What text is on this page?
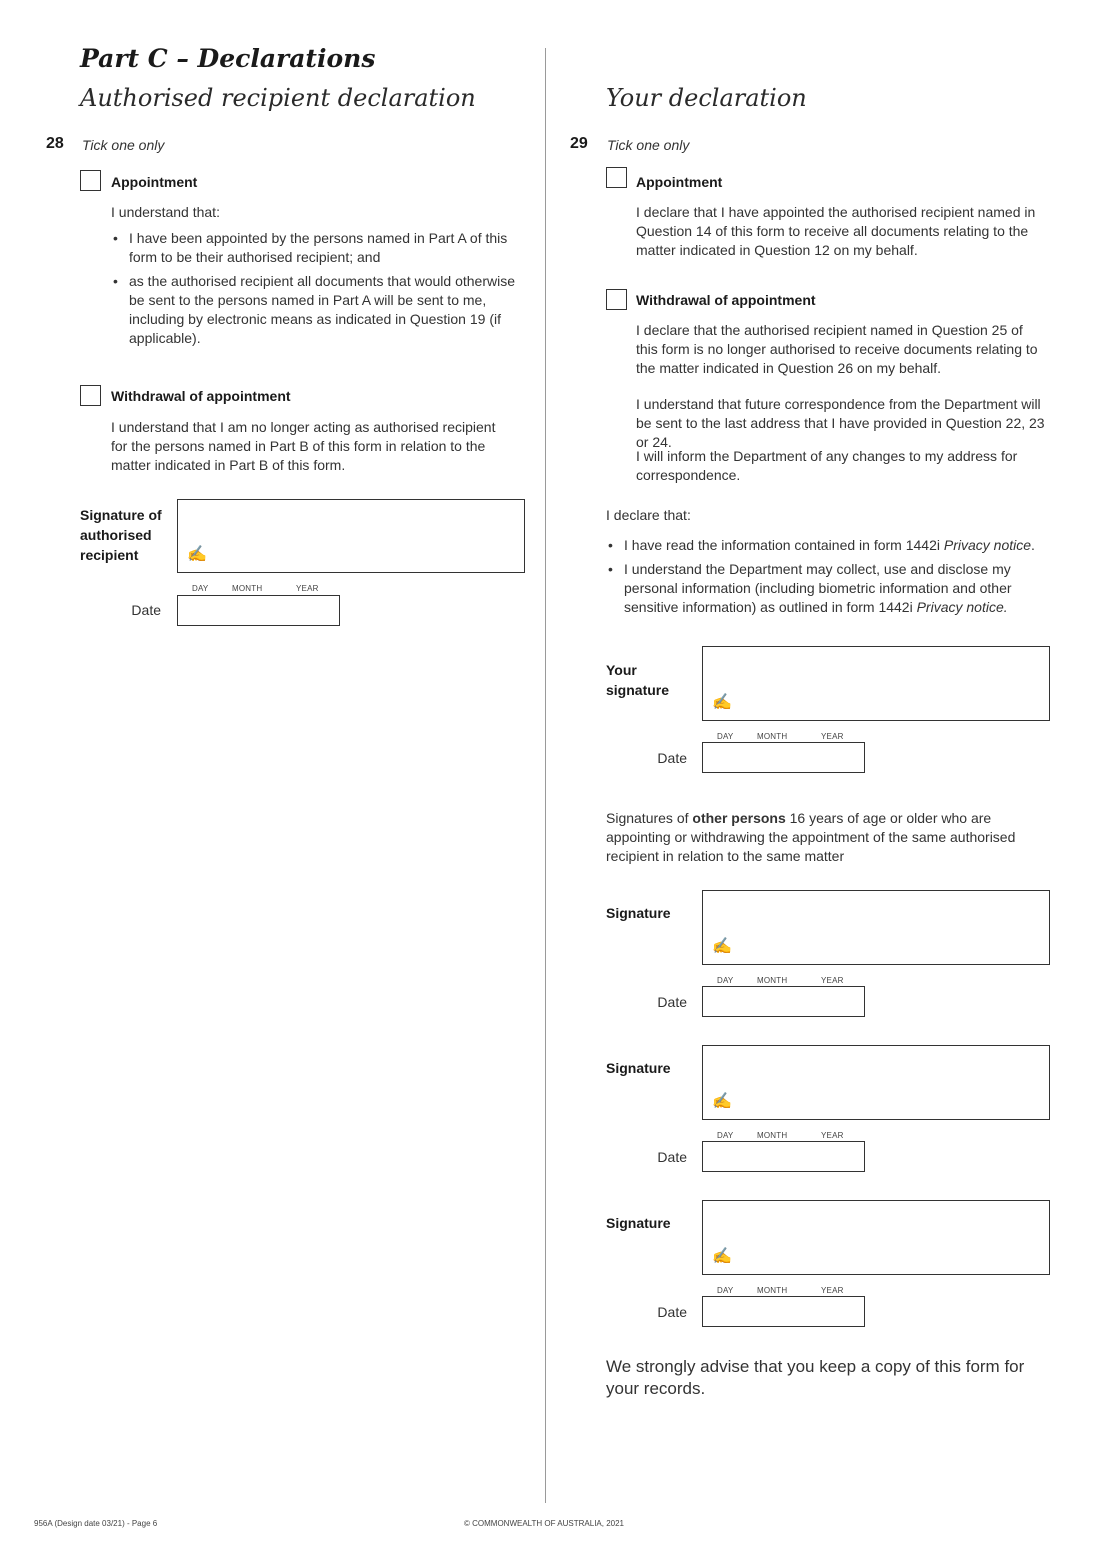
Part C – Declarations
Authorised recipient declaration	Your declaration
28 Tick one only
Appointment
I understand that:
• I have been appointed by the persons named in Part A of this form to be their authorised recipient; and
• as the authorised recipient all documents that would otherwise be sent to the persons named in Part A will be sent to me, including by electronic means as indicated in Question 19 (if applicable).
Withdrawal of appointment
I understand that I am no longer acting as authorised recipient for the persons named in Part B of this form in relation to the matter indicated in Part B of this form.
Signature of authorised recipient	✍
DAY	MONTH	YEAR
Date
29 Tick one only
Appointment
I declare that I have appointed the authorised recipient named in Question 14 of this form to receive all documents relating to the matter indicated in Question 12 on my behalf.
Withdrawal of appointment
I declare that the authorised recipient named in Question 25 of this form is no longer authorised to receive documents relating to the matter indicated in Question 26 on my behalf.
I understand that future correspondence from the Department will be sent to the last address that I have provided in Question 22, 23 or 24.
I will inform the Department of any changes to my address for correspondence.
I declare that:
• I have read the information contained in form 1442i Privacy notice.
• I understand the Department may collect, use and disclose my personal information (including biometric information and other sensitive information) as outlined in form 1442i Privacy notice.
Your signature
✍
DAY	MONTH	YEAR
Date
Signatures of other persons 16 years of age or older who are appointing or withdrawing the appointment of the same authorised recipient in relation to the same matter
Signature
✍
DAY	MONTH	YEAR
Date
Signature
✍
DAY	MONTH	YEAR
Date
Signature
✍
DAY	MONTH	YEAR
Date
We strongly advise that you keep a copy of this form for your records.
956A (Design date 03/21) - Page 6	© COMMONWEALTH OF AUSTRALIA, 2021
